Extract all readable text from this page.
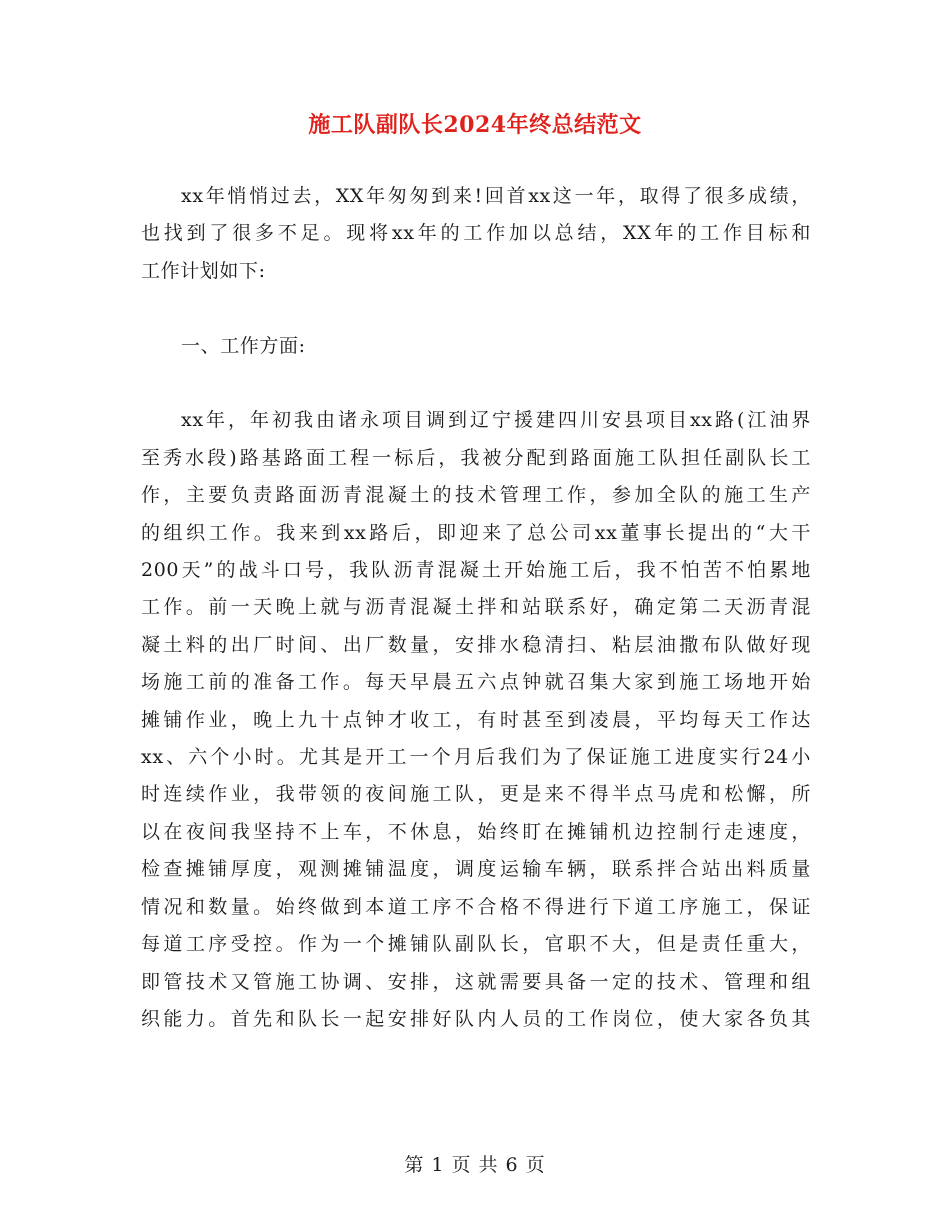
施工队副队长2024年终总结范文
xx年悄悄过去，XX年匆匆到来!回首xx这一年，取得了很多成绩，
也找到了很多不足。现将xx年的工作加以总结，XX年的工作目标和
工作计划如下:
一、工作方面:
xx年，年初我由诸永项目调到辽宁援建四川安县项目xx路(江油界
至秀水段)路基路面工程一标后，我被分配到路面施工队担任副队长工
作，主要负责路面沥青混凝土的技术管理工作，参加全队的施工生产
的组织工作。我来到xx路后，即迎来了总公司xx董事长提出的“大干
200天”的战斗口号，我队沥青混凝土开始施工后，我不怕苦不怕累地
工作。前一天晚上就与沥青混凝土拌和站联系好，确定第二天沥青混
凝土料的出厂时间、出厂数量，安排水稳清扫、粘层油撒布队做好现
场施工前的准备工作。每天早晨五六点钟就召集大家到施工场地开始
摊铺作业，晚上九十点钟才收工，有时甚至到凌晨，平均每天工作达
xx、六个小时。尤其是开工一个月后我们为了保证施工进度实行24小
时连续作业，我带领的夜间施工队，更是来不得半点马虎和松懈，所
以在夜间我坚持不上车，不休息，始终盯在摊铺机边控制行走速度，
检查摊铺厚度，观测摊铺温度，调度运输车辆，联系拌合站出料质量
情况和数量。始终做到本道工序不合格不得进行下道工序施工，保证
每道工序受控。作为一个摊铺队副队长，官职不大，但是责任重大，
即管技术又管施工协调、安排，这就需要具备一定的技术、管理和组
织能力。首先和队长一起安排好队内人员的工作岗位，使大家各负其
第 1 页 共 6 页
